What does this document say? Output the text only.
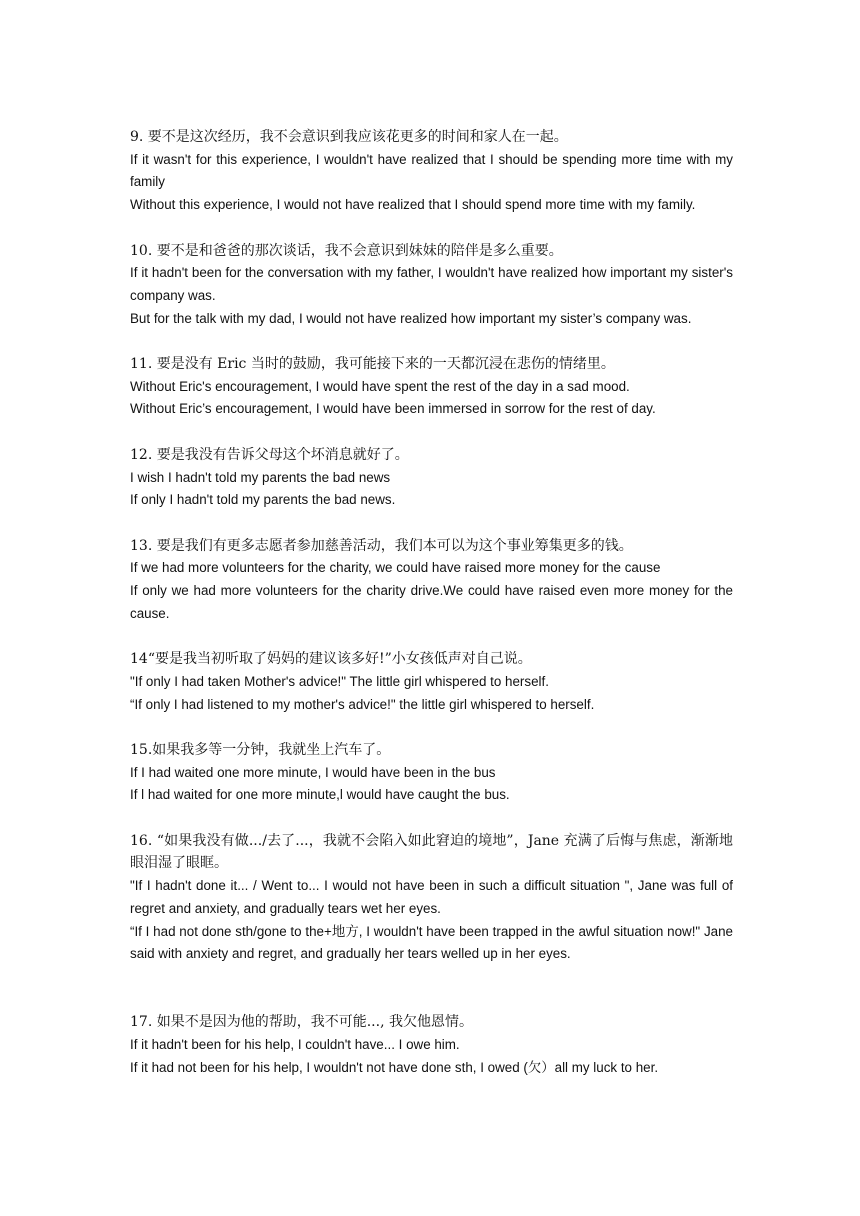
9. 要不是这次经历，我不会意识到我应该花更多的时间和家人在一起。

If it wasn't for this experience, I wouldn't have realized that I should be spending more time with my family

Without this experience, I would not have realized that I should spend more time with my family.

10. 要不是和爸爸的那次谈话，我不会意识到妹妹的陪伴是多么重要。

If it hadn't been for the conversation with my father, I wouldn't have realized how important my sister's company was.

But for the talk with my dad, I would not have realized how important my sister’s company was.

11. 要是没有 Eric 当时的鼓励，我可能接下来的一天都沉浸在悲伤的情绪里。

Without Eric's encouragement, I would have spent the rest of the day in a sad mood.

Without Eric’s encouragement, I would have been immersed in sorrow for the rest of day.

12. 要是我没有告诉父母这个坏消息就好了。

I wish I hadn't told my parents the bad news

If only I hadn't told my parents the bad news.

13. 要是我们有更多志愿者参加慈善活动，我们本可以为这个事业筹集更多的钱。

If we had more volunteers for the charity, we could have raised more money for the cause

If only we had more volunteers for the charity drive.We could have raised even more money for the cause.

14“要是我当初听取了妈妈的建议该多好!”小女孩低声对自己说。

"If only I had taken Mother's advice!" The little girl whispered to herself.

“If only I had listened to my mother's advice!" the little girl whispered to herself.

15.如果我多等一分钟，我就坐上汽车了。

If I had waited one more minute, I would have been in the bus

If l had waited for one more minute,l would have caught the bus.

16. “如果我没有做.../去了...，我就不会陷入如此窘迫的境地”，Jane 充满了后悔与焦虑，渐渐地眼泪湿了眼眶。

"If I hadn't done it... / Went to... I would not have been in such a difficult situation ", Jane was full of regret and anxiety, and gradually tears wet her eyes.

“If I had not done sth/gone to the+地方, I wouldn't have been trapped in the awful situation now!" Jane said with anxiety and regret, and gradually her tears welled up in her eyes.

17. 如果不是因为他的帮助，我不可能..., 我欠他恩情。

If it hadn't been for his help, I couldn't have... I owe him.

If it had not been for his help, I wouldn't not have done sth, I owed (欠）all my luck to her.
